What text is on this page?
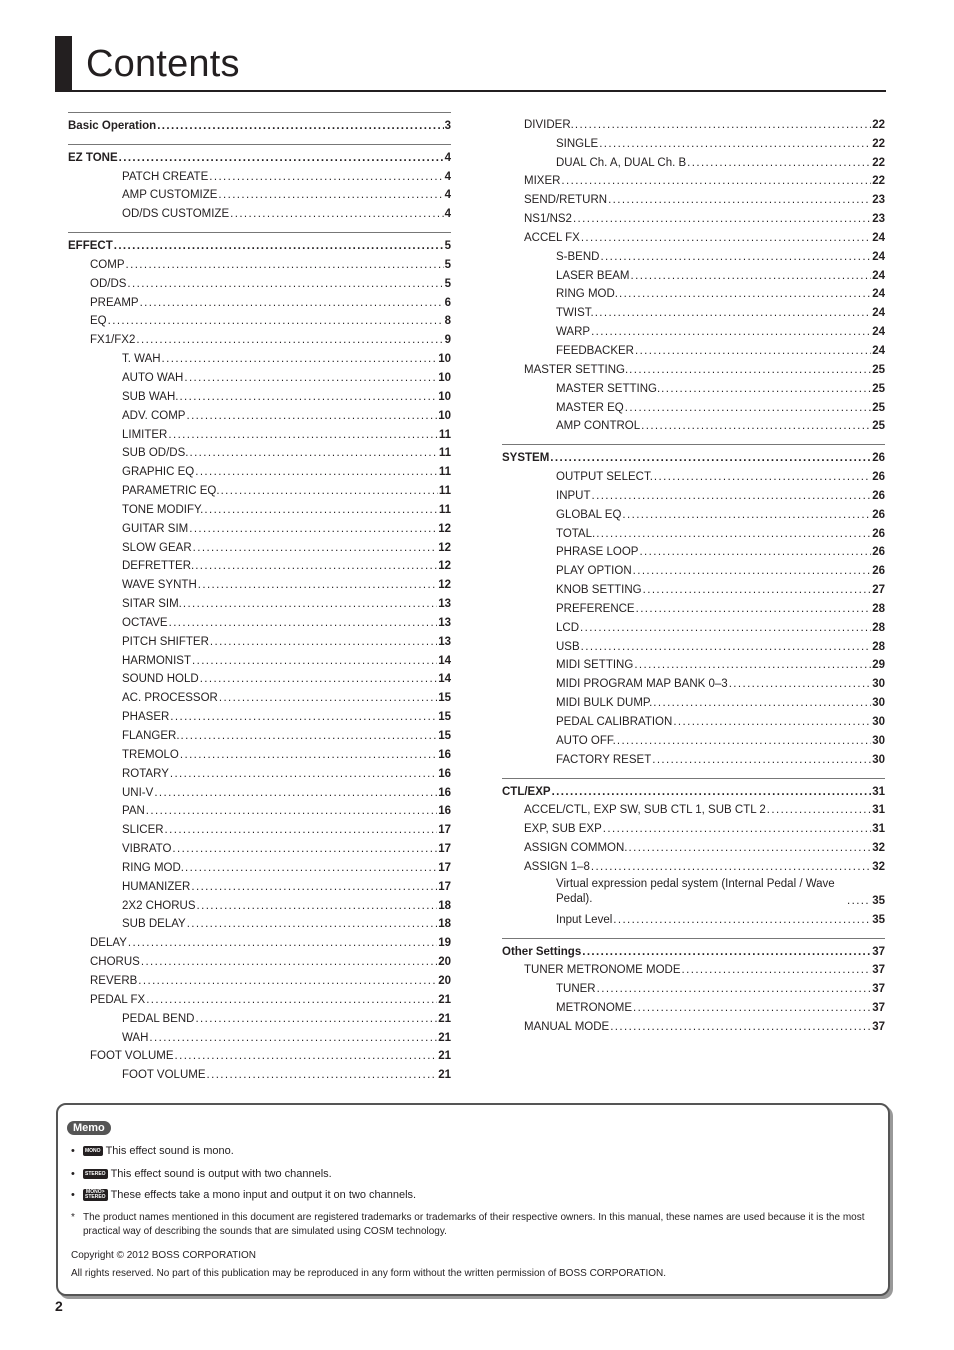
Contents
Basic Operation .....	3
EZ TONE .....	4
PATCH CREATE .....	4
AMP CUSTOMIZE .....	4
OD/DS CUSTOMIZE .....	4
EFFECT .....	5
COMP .....	5
OD/DS .....	5
PREAMP .....	6
EQ .....	8
FX1/FX2 .....	9
T. WAH .....	10
AUTO WAH .....	10
SUB WAH. .....	10
ADV. COMP .....	10
LIMITER .....	11
SUB OD/DS. .....	11
GRAPHIC EQ .....	11
PARAMETRIC EQ. .....	11
TONE MODIFY. .....	11
GUITAR SIM .....	12
SLOW GEAR .....	12
DEFRETTER. .....	12
WAVE SYNTH .....	12
SITAR SIM. .....	13
OCTAVE .....	13
PITCH SHIFTER .....	13
HARMONIST .....	14
SOUND HOLD .....	14
AC. PROCESSOR .....	15
PHASER .....	15
FLANGER. .....	15
TREMOLO .....	16
ROTARY .....	16
UNI-V .....	16
PAN .....	16
SLICER .....	17
VIBRATO .....	17
RING MOD. .....	17
HUMANIZER .....	17
2X2 CHORUS .....	18
SUB DELAY .....	18
DELAY .....	19
CHORUS .....	20
REVERB .....	20
PEDAL FX .....	21
PEDAL BEND .....	21
WAH .....	21
FOOT VOLUME .....	21
FOOT VOLUME .....	21
DIVIDER. .....	22
SINGLE .....	22
DUAL Ch. A, DUAL Ch. B .....	22
MIXER .....	22
SEND/RETURN .....	23
NS1/NS2 .....	23
ACCEL FX .....	24
S-BEND .....	24
LASER BEAM .....	24
RING MOD. .....	24
TWIST. .....	24
WARP .....	24
FEEDBACKER .....	24
MASTER SETTING. .....	25
MASTER SETTING. .....	25
MASTER EQ .....	25
AMP CONTROL .....	25
SYSTEM .....	26
OUTPUT SELECT. .....	26
INPUT .....	26
GLOBAL EQ .....	26
TOTAL. .....	26
PHRASE LOOP .....	26
PLAY OPTION .....	26
KNOB SETTING .....	27
PREFERENCE .....	28
LCD .....	28
USB .....	28
MIDI SETTING .....	29
MIDI PROGRAM MAP BANK 0–3 .....	30
MIDI BULK DUMP. .....	30
PEDAL CALIBRATION .....	30
AUTO OFF. .....	30
FACTORY RESET .....	30
CTL/EXP .....	31
ACCEL/CTL, EXP SW, SUB CTL 1, SUB CTL 2 .....	31
EXP, SUB EXP .....	31
ASSIGN COMMON. .....	32
ASSIGN 1–8 .....	32
Virtual expression pedal system (Internal Pedal / Wave Pedal). .....	35
Input Level .....	35
Other Settings .....	37
TUNER METRONOME MODE .....	37
TUNER .....	37
METRONOME .....	37
MANUAL MODE .....	37
Memo
•	MONO This effect sound is mono.
•	STEREO This effect sound is output with two channels.
•	MONO>
STEREO These effects take a mono input and output it on two channels.
* The product names mentioned in this document are registered trademarks or trademarks of their respective owners. In this manual, these names are used because it is the most practical way of describing the sounds that are simulated using COSM technology.
Copyright © 2012 BOSS CORPORATION
All rights reserved. No part of this publication may be reproduced in any form without the written permission of BOSS CORPORATION.
2
